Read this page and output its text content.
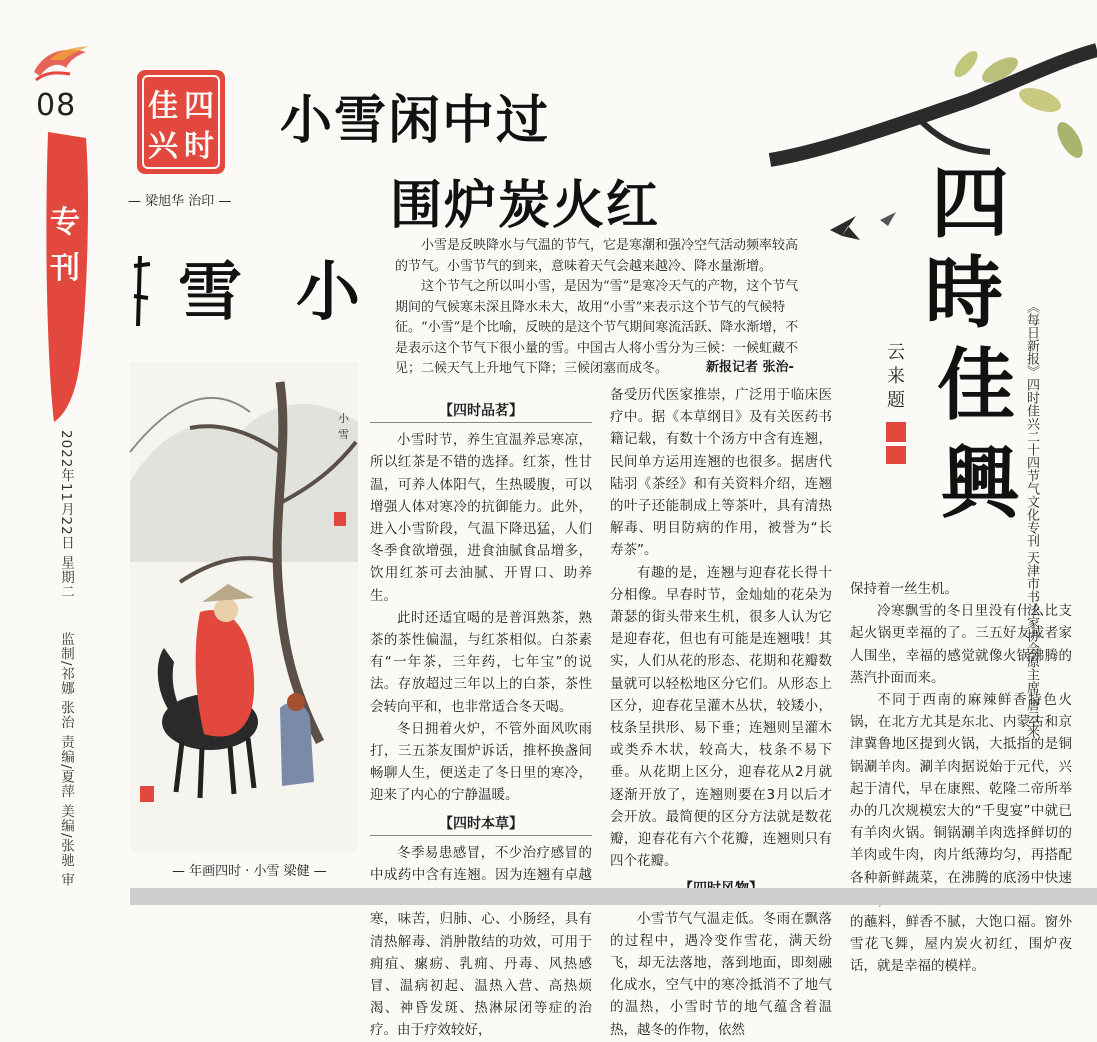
08
专
刊
2022年11月22日 星期二
监制/祁娜 张治 责编/夏萍 美编/张驰 审
佳 四
兴 时
— 梁旭华 治印 —
小雪闲中过
围炉炭火红
雪 小

小雪是反映降水与气温的节气，它是寒潮和强冷空气活动频率较高的节气。小雪节气的到来，意味着天气会越来越冷、降水量渐增。

这个节气之所以叫小雪，是因为“雪”是寒冷天气的产物，这个节气期间的气候寒未深且降水未大，故用“小雪”来表示这个节气的气候特征。“小雪”是个比喻，反映的是这个节气期间寒流活跃、降水渐增，不是表示这个节气下很小量的雪。中国古人将小雪分为三候：一候虹藏不见；二候天气上升地气下降；三候闭塞而成冬。	新报记者 张治-
小
雪
— 年画四时 · 小雪 梁健 —
四
時
佳
興
云
来
题	《每日新报》四时佳兴二十四节气文化专刊 天津市书法家协会原主席 唐云来
【四时品茗】

小雪时节，养生宜温养忌寒凉，所以红茶是不错的选择。红茶，性甘温，可养人体阳气，生热暖腹，可以增强人体对寒冷的抗御能力。此外，进入小雪阶段，气温下降迅猛，人们冬季食欲增强，进食油腻食品增多，饮用红茶可去油腻、开胃口、助养生。

此时还适宜喝的是普洱熟茶，熟茶的茶性偏温，与红茶相似。白茶素有“一年茶，三年药，七年宝”的说法。存放超过三年以上的白茶，茶性会转向平和，也非常适合冬天喝。

冬日拥着火炉，不管外面风吹雨打，三五茶友围炉诉话，推杯换盏间畅聊人生，便送走了冬日里的寒冷，迎来了内心的宁静温暖。

【四时本草】

冬季易患感冒，不少治疗感冒的中成药中含有连翘。因为连翘有卓越 寒，味苦，归肺、心、小肠经，具有清热解毒、消肿散结的功效，可用于痈疽、瘰疬、乳痈、丹毒、风热感冒、温病初起、温热入营、高热烦渴、神昏发斑、热淋尿闭等症的治疗。由于疗效较好，

备受历代医家推崇，广泛用于临床医疗中。据《本草纲目》及有关医药书籍记载，有数十个汤方中含有连翘，民间单方运用连翘的也很多。据唐代陆羽《茶经》和有关资料介绍，连翘的叶子还能制成上等茶叶，具有清热解毒、明目防病的作用，被誉为“长寿茶”。

有趣的是，连翘与迎春花长得十分相像。早春时节，金灿灿的花朵为萧瑟的街头带来生机，很多人认为它是迎春花，但也有可能是连翘哦！其实，人们从花的形态、花期和花瓣数量就可以轻松地区分它们。从形态上区分，迎春花呈灌木丛状，较矮小，枝条呈拱形、易下垂；连翘则呈灌木或类乔木状，较高大，枝条不易下垂。从花期上区分，迎春花从2月就逐渐开放了，连翘则要在3月以后才会开放。最简便的区分方法就是数花瓣，迎春花有六个花瓣，连翘则只有四个花瓣。

小雪节气气温走低。冬雨在飘落的过程中，遇冷变作雪花，满天纷飞，却无法落地，落到地面，即刻融化成水，空气中的寒冷抵消不了地气的温热，小雪时节的地气蕴含着温热，越冬的作物，依然

保持着一丝生机。

冷寒飘雪的冬日里没有什么比支起火锅更幸福的了。三五好友或者家人围坐，幸福的感觉就像火锅沸腾的蒸汽扑面而来。

不同于西南的麻辣鲜香特色火锅，在北方尤其是东北、内蒙古和京津冀鲁地区提到火锅，大抵指的是铜锅涮羊肉。涮羊肉据说始于元代，兴起于清代，早在康熙、乾隆二帝所举办的几次规模宏大的“千叟宴”中就已有羊肉火锅。铜锅涮羊肉选择鲜切的羊肉或牛肉，肉片纸薄均匀，再搭配各种新鲜蔬菜，在沸腾的底汤中快速 的蘸料，鲜香不腻，大饱口福。窗外雪花飞舞，屋内炭火初红，围炉夜话，就是幸福的模样。
